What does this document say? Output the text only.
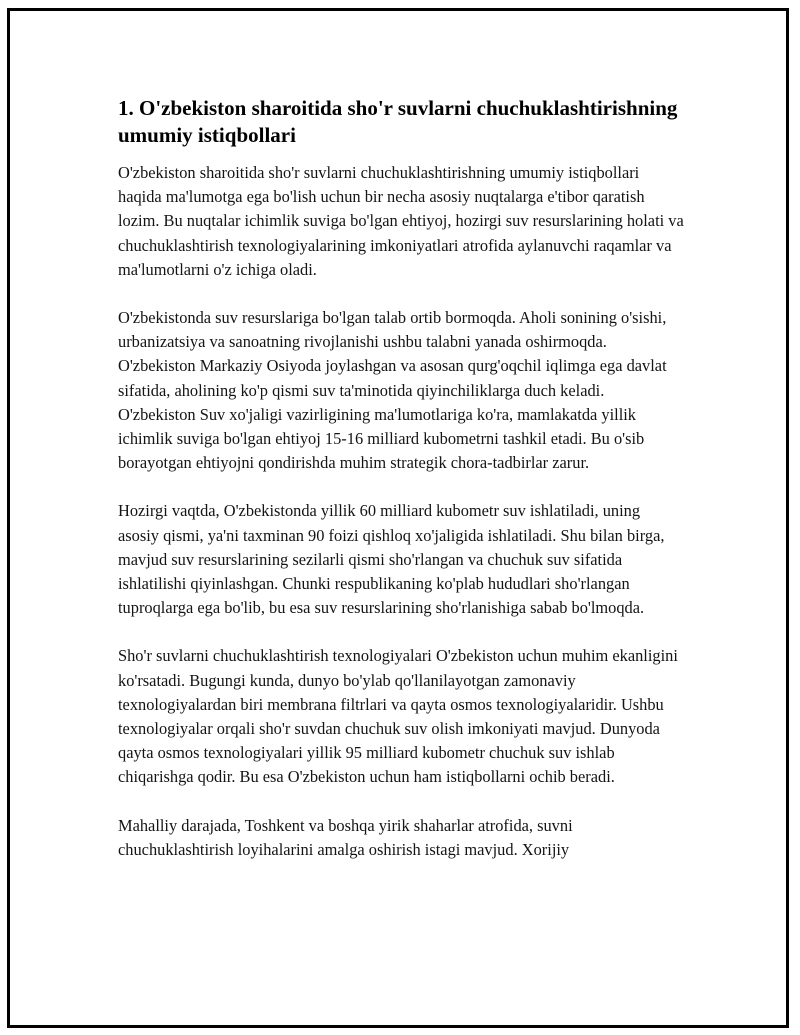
1. O'zbekiston sharoitida sho'r suvlarni chuchuklashtirishning umumiy istiqbollari

O'zbekiston sharoitida sho'r suvlarni chuchuklashtirishning umumiy istiqbollari haqida ma'lumotga ega bo'lish uchun bir necha asosiy nuqtalarga e'tibor qaratish lozim. Bu nuqtalar ichimlik suviga bo'lgan ehtiyoj, hozirgi suv resurslarining holati va chuchuklashtirish texnologiyalarining imkoniyatlari atrofida aylanuvchi raqamlar va ma'lumotlarni o'z ichiga oladi.

O'zbekistonda suv resurslariga bo'lgan talab ortib bormoqda. Aholi sonining o'sishi, urbanizatsiya va sanoatning rivojlanishi ushbu talabni yanada oshirmoqda. O'zbekiston Markaziy Osiyoda joylashgan va asosan qurg'oqchil iqlimga ega davlat sifatida, aholining ko'p qismi suv ta'minotida qiyinchiliklarga duch keladi. O'zbekiston Suv xo'jaligi vazirligining ma'lumotlariga ko'ra, mamlakatda yillik ichimlik suviga bo'lgan ehtiyoj 15-16 milliard kubometrni tashkil etadi. Bu o'sib borayotgan ehtiyojni qondirishda muhim strategik chora-tadbirlar zarur.

Hozirgi vaqtda, O'zbekistonda yillik 60 milliard kubometr suv ishlatiladi, uning asosiy qismi, ya'ni taxminan 90 foizi qishloq xo'jaligida ishlatiladi. Shu bilan birga, mavjud suv resurslarining sezilarli qismi sho'rlangan va chuchuk suv sifatida ishlatilishi qiyinlashgan. Chunki respublikaning ko'plab hududlari sho'rlangan tuproqlarga ega bo'lib, bu esa suv resurslarining sho'rlanishiga sabab bo'lmoqda.

Sho'r suvlarni chuchuklashtirish texnologiyalari O'zbekiston uchun muhim ekanligini ko'rsatadi. Bugungi kunda, dunyo bo'ylab qo'llanilayotgan zamonaviy texnologiyalardan biri membrana filtrlari va qayta osmos texnologiyalaridir. Ushbu texnologiyalar orqali sho'r suvdan chuchuk suv olish imkoniyati mavjud. Dunyoda qayta osmos texnologiyalari yillik 95 milliard kubometr chuchuk suv ishlab chiqarishga qodir. Bu esa O'zbekiston uchun ham istiqbollarni ochib beradi.

Mahalliy darajada, Toshkent va boshqa yirik shaharlar atrofida, suvni chuchuklashtirish loyihalarini amalga oshirish istagi mavjud. Xorijiy
